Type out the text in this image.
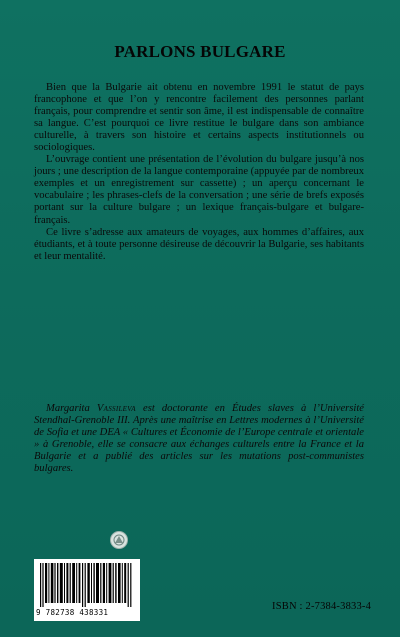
PARLONS BULGARE

Bien que la Bulgarie ait obtenu en novembre 1991 le statut de pays francophone et que l’on y rencontre facilement des personnes parlant français, pour comprendre et sentir son âme, il est indispensable de connaître sa langue. C’est pourquoi ce livre restitue le bulgare dans son ambiance culturelle, à travers son histoire et certains aspects institutionnels ou sociologiques.

L’ouvrage contient une présentation de l’évolution du bulgare jusqu’à nos jours ; une description de la langue contemporaine (appuyée par de nombreux exemples et un enregistrement sur cassette) ; un aperçu concernant le vocabulaire ; les phrases-clefs de la conversation ; une série de brefs exposés portant sur la culture bulgare ; un lexique français-bulgare et bulgare-français.

Ce livre s’adresse aux amateurs de voyages, aux hommes d’affaires, aux étudiants, et à toute personne désireuse de découvrir la Bulgarie, ses habitants et leur mentalité.

Margarita Vassileva est doctorante en Études slaves à l’Université Stendhal-Grenoble III. Après une maîtrise en Lettres modernes à l’Université de Sofia et une DEA « Cultures et Économie de l’Europe centrale et orientale » à Grenoble, elle se consacre aux échanges culturels entre la France et la Bulgarie et a publié des articles sur les mutations post-communistes bulgares.
9 782738 438331
ISBN : 2-7384-3833-4
